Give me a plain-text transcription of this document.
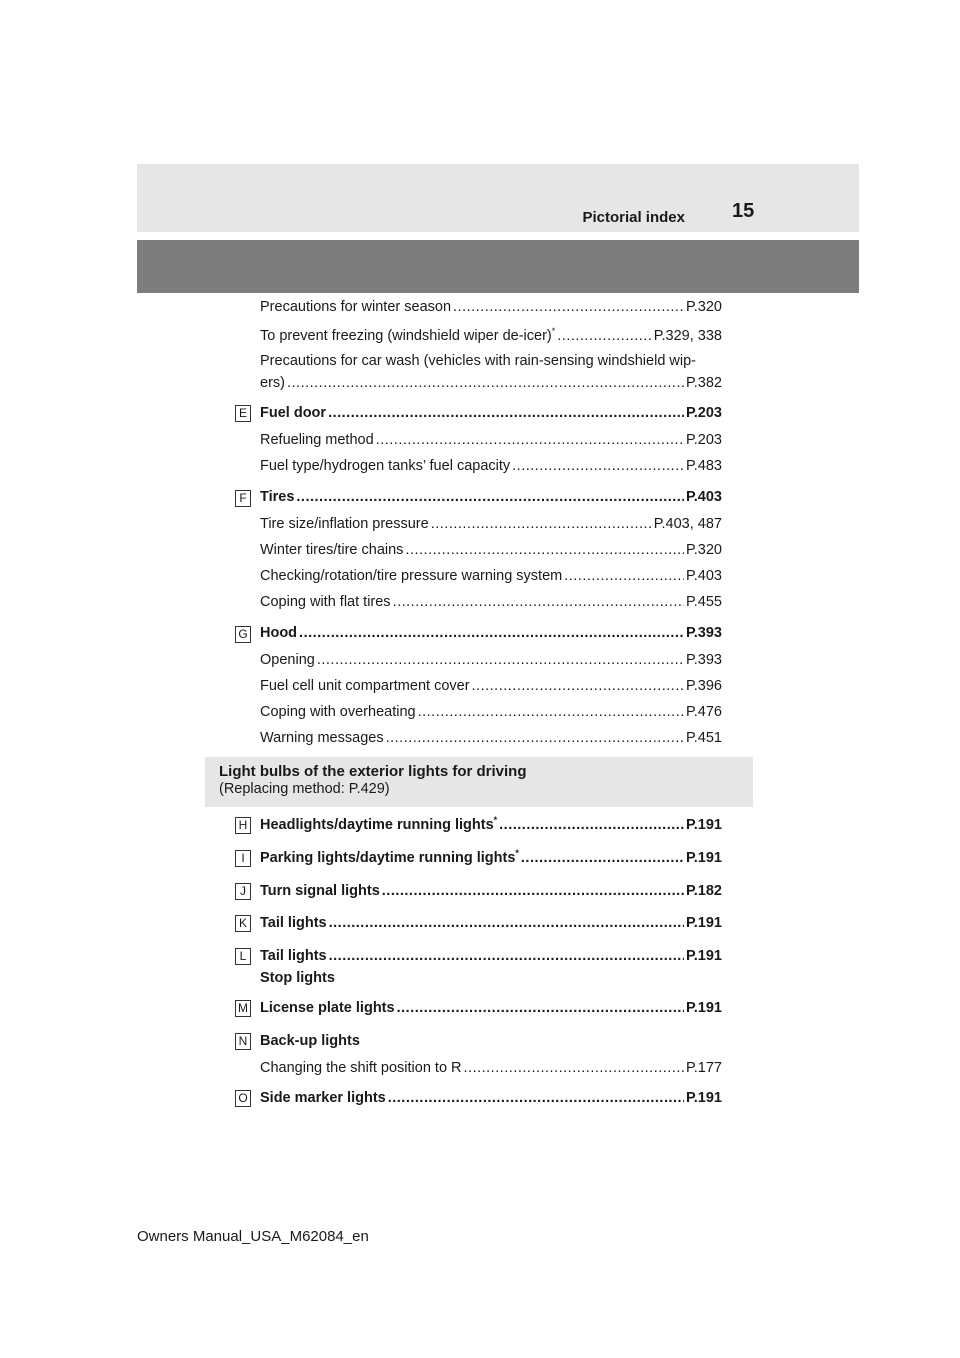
Pictorial index 15
Precautions for winter season .....	P.320
To prevent freezing (windshield wiper de-icer)* .....	P.329, 338
Precautions for car wash (vehicles with rain-sensing windshield wip-
ers) .....	P.382
E Fuel door .....	P.203
Refueling method .....	P.203
Fuel type/hydrogen tanks’ fuel capacity .....	P.483
F Tires .....	P.403
Tire size/inflation pressure .....	P.403, 487
Winter tires/tire chains .....	P.320
Checking/rotation/tire pressure warning system .....	P.403
Coping with flat tires .....	P.455
G Hood .....	P.393
Opening .....	P.393
Fuel cell unit compartment cover .....	P.396
Coping with overheating .....	P.476
Warning messages .....	P.451
Light bulbs of the exterior lights for driving
(Replacing method: P.429)
H Headlights/daytime running lights* .....	P.191
I	Parking lights/daytime running lights* .....	P.191
J Turn signal lights .....	P.182
K Tail lights .....	P.191
L Tail lights .....	P.191
Stop lights
M License plate lights .....	P.191
N Back-up lights
Changing the shift position to R .....	P.177
O Side marker lights .....	P.191
Owners Manual_USA_M62084_en
